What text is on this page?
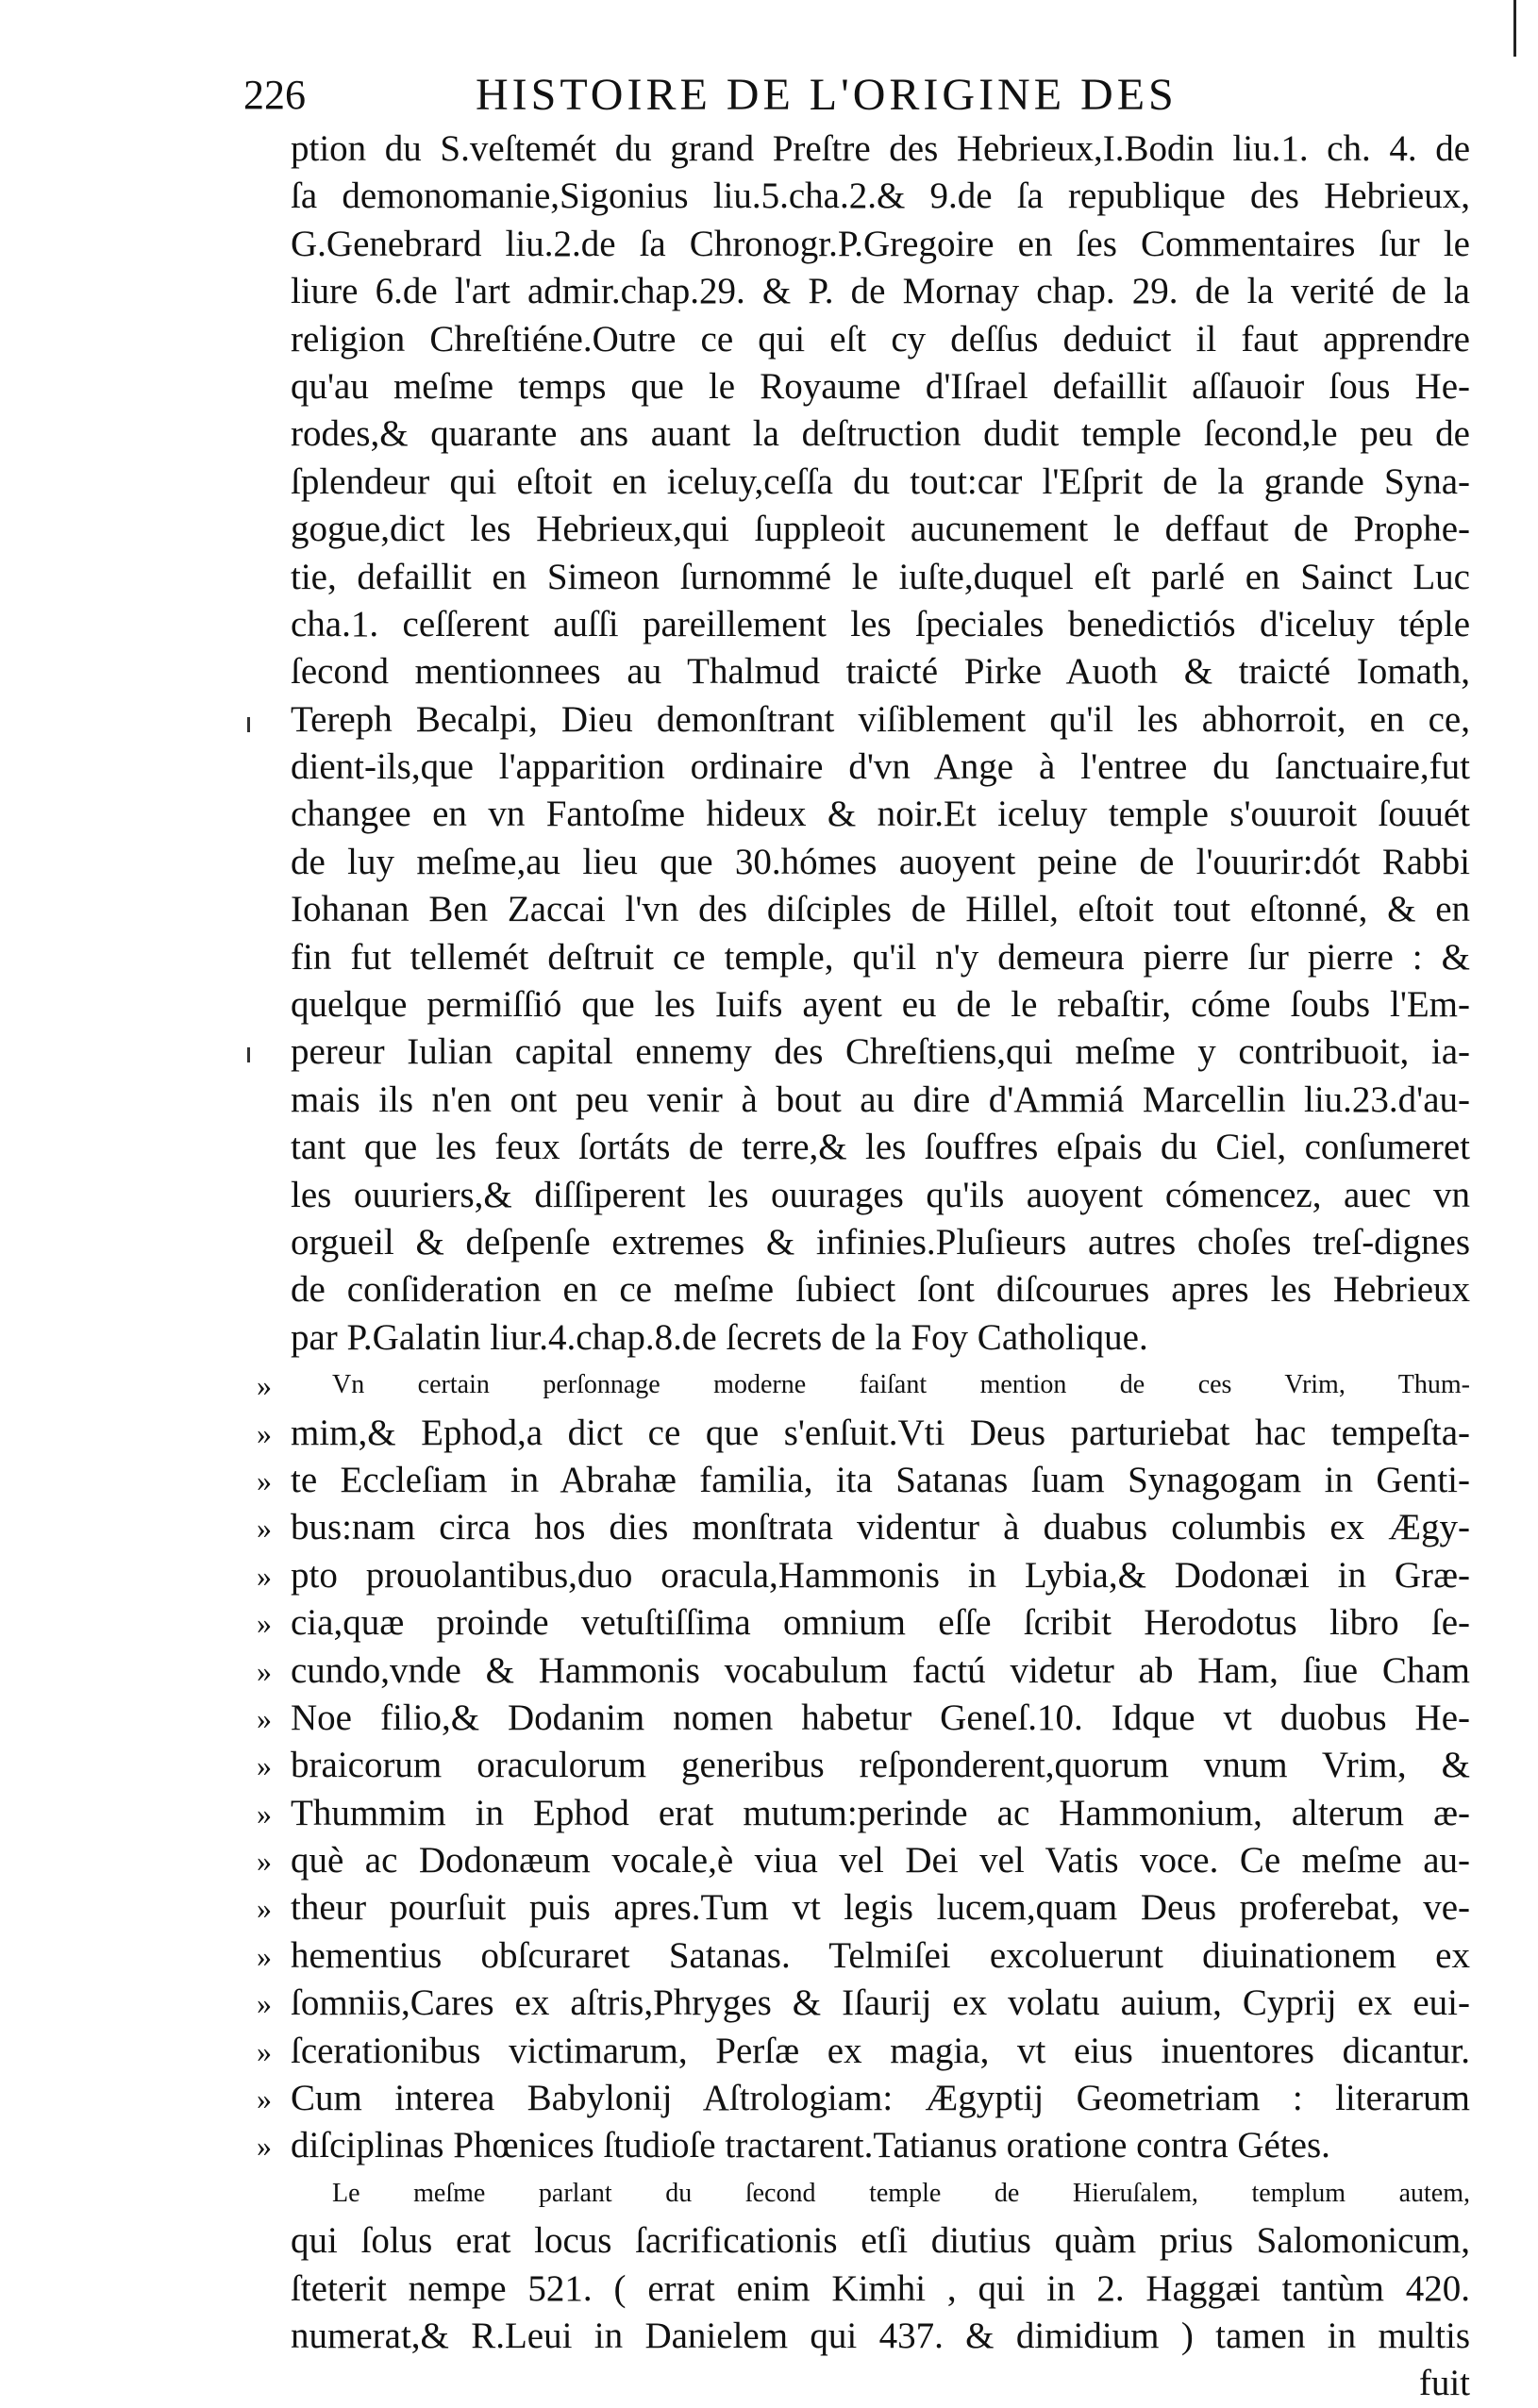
226	HISTOIRE DE L'ORIGINE DES
ption du S.veſtemét du grand Preſtre des Hebrieux,I.Bodin liu.1. ch. 4. de
ſa demonomanie,Sigonius liu.5.cha.2.& 9.de ſa republique des Hebrieux,
G.Genebrard liu.2.de ſa Chronogr.P.Gregoire en ſes Commentaires ſur le
liure 6.de l'art admir.chap.29. & P. de Mornay chap. 29. de la verité de la
religion Chreſtiéne.Outre ce qui eſt cy deſſus deduict il faut apprendre
qu'au meſme temps que le Royaume d'Iſrael defaillit aſſauoir ſous He-
rodes,& quarante ans auant la deſtruction dudit temple ſecond,le peu de
ſplendeur qui eſtoit en iceluy,ceſſa du tout:car l'Eſprit de la grande Syna-
gogue,dict les Hebrieux,qui ſuppleoit aucunement le deffaut de Prophe-
tie, defaillit en Simeon ſurnommé le iuſte,duquel eſt parlé en Sainct Luc
cha.1. ceſſerent auſſi pareillement les ſpeciales benedictiós d'iceluy téple
ſecond mentionnees au Thalmud traicté Pirke Auoth & traicté Iomath,
Tereph Becalpi, Dieu demonſtrant viſiblement qu'il les abhorroit, en ce,
dient-ils,que l'apparition ordinaire d'vn Ange à l'entree du ſanctuaire,fut
changee en vn Fantoſme hideux & noir.Et iceluy temple s'ouuroit ſouuét
de luy meſme,au lieu que 30.hómes auoyent peine de l'ouurir:dót Rabbi
Iohanan Ben Zaccai l'vn des diſciples de Hillel, eſtoit tout eſtonné, & en
fin fut tellemét deſtruit ce temple, qu'il n'y demeura pierre ſur pierre : &
quelque permiſſió que les Iuifs ayent eu de le rebaſtir, cóme ſoubs l'Em-
pereur Iulian capital ennemy des Chreſtiens,qui meſme y contribuoit, ia-
mais ils n'en ont peu venir à bout au dire d'Ammiá Marcellin liu.23.d'au-
tant que les feux ſortáts de terre,& les ſouffres eſpais du Ciel, conſumeret
les ouuriers,& diſſiperent les ouurages qu'ils auoyent cómencez, auec vn
orgueil & deſpenſe extremes & infinies.Pluſieurs autres choſes treſ-dignes
de conſideration en ce meſme ſubiect ſont diſcourues apres les Hebrieux
par P.Galatin liur.4.chap.8.de ſecrets de la Foy Catholique.
» Vn certain perſonnage moderne faiſant mention de ces Vrim, Thum-
» mim,& Ephod,a dict ce que s'enſuit.Vti Deus parturiebat hac tempeſta-
» te Eccleſiam in Abrahæ familia, ita Satanas ſuam Synagogam in Genti-
» bus:nam circa hos dies monſtrata videntur à duabus columbis ex Ægy-
» pto prouolantibus,duo oracula,Hammonis in Lybia,& Dodonæi in Græ-
» cia,quæ proinde vetuſtiſſima omnium eſſe ſcribit Herodotus libro ſe-
» cundo,vnde & Hammonis vocabulum factú videtur ab Ham, ſiue Cham
» Noe filio,& Dodanim nomen habetur Geneſ.10. Idque vt duobus He-
» braicorum oraculorum generibus reſponderent,quorum vnum Vrim, &
» Thummim in Ephod erat mutum:perinde ac Hammonium, alterum æ-
» què ac Dodonæum vocale,è viua vel Dei vel Vatis voce. Ce meſme au-
» theur pourſuit puis apres.Tum vt legis lucem,quam Deus proferebat, ve-
» hementius obſcuraret Satanas. Telmiſei excoluerunt diuinationem ex
» ſomniis,Cares ex aſtris,Phryges & Iſaurij ex volatu auium, Cyprij ex eui-
» ſcerationibus victimarum, Perſæ ex magia, vt eius inuentores dicantur.
» Cum interea Babylonij Aſtrologiam: Ægyptij Geometriam : literarum
» diſciplinas Phœnices ſtudioſe tractarent.Tatianus oratione contra Gétes.
Le meſme parlant du ſecond temple de Hieruſalem, templum autem,
qui ſolus erat locus ſacrificationis etſi diutius quàm prius Salomonicum,
ſteterit nempe 521. ( errat enim Kimhi , qui in 2. Haggæi tantùm 420.
numerat,& R.Leui in Danielem qui 437. & dimidium ) tamen in multis
fuit
